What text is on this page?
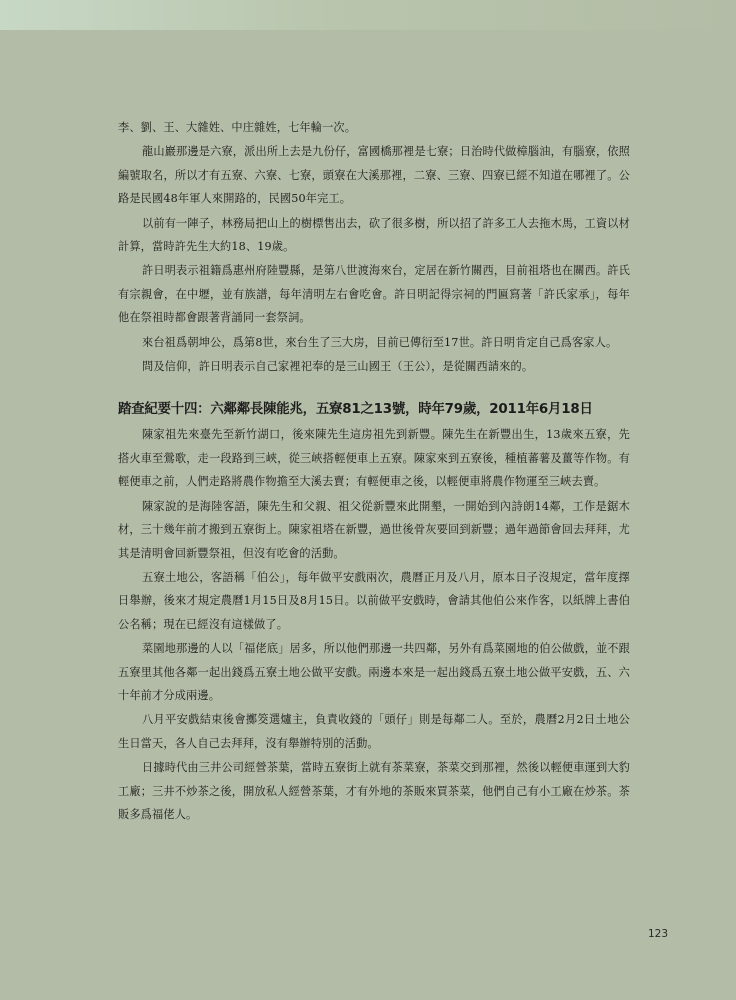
李、劉、王、大雜姓、中庄雜姓，七年輪一次。

龍山巖那邊是六寮，派出所上去是九份仔，富國橋那裡是七寮；日治時代做樟腦油，有腦寮，依照編號取名，所以才有五寮、六寮、七寮，頭寮在大溪那裡，二寮、三寮、四寮已經不知道在哪裡了。公路是民國48年軍人來開路的，民國50年完工。

以前有一陣子，林務局把山上的樹標售出去，砍了很多樹，所以招了許多工人去拖木馬，工資以材計算，當時許先生大約18、19歲。

許日明表示祖籍爲惠州府陸豐縣，是第八世渡海來台，定居在新竹關西，目前祖塔也在關西。許氏有宗親會，在中壢，並有族譜，每年清明左右會吃會。許日明記得宗祠的門匾寫著「許氏家承」，每年他在祭祖時都會跟著背誦同一套祭詞。

來台祖爲朝坤公，爲第8世，來台生了三大房，目前已傳衍至17世。許日明肯定自己爲客家人。

問及信仰，許日明表示自己家裡祀奉的是三山國王（王公），是從關西請來的。

踏查紀要十四：六鄰鄰長陳能兆，五寮81之13號，時年79歲，2011年6月18日

陳家祖先來臺先至新竹湖口，後來陳先生這房祖先到新豐。陳先生在新豐出生，13歲來五寮，先搭火車至鶯歌，走一段路到三峽，從三峽搭輕便車上五寮。陳家來到五寮後，種植蕃薯及薑等作物。有輕便車之前，人們走路將農作物擔至大溪去賣；有輕便車之後，以輕便車將農作物運至三峽去賣。

陳家說的是海陸客語，陳先生和父親、祖父從新豐來此開墾，一開始到內詩朗14鄰，工作是鋸木材，三十幾年前才搬到五寮街上。陳家祖塔在新豐，過世後骨灰要回到新豐；過年過節會回去拜拜，尤其是清明會回新豐祭祖，但沒有吃會的活動。

五寮土地公，客語稱「伯公」，每年做平安戲兩次，農曆正月及八月，原本日子沒規定，當年度擇日舉辦，後來才規定農曆1月15日及8月15日。以前做平安戲時，會請其他伯公來作客，以紙牌上書伯公名稱；現在已經沒有這樣做了。

菜園地那邊的人以「福佬底」居多，所以他們那邊一共四鄰，另外有爲菜園地的伯公做戲，並不跟五寮里其他各鄰一起出錢爲五寮土地公做平安戲。兩邊本來是一起出錢爲五寮土地公做平安戲，五、六十年前才分成兩邊。

八月平安戲結束後會擲筊選爐主，負責收錢的「頭仔」則是每鄰二人。至於，農曆2月2日土地公生日當天，各人自己去拜拜，沒有舉辦特別的活動。

日據時代由三井公司經營茶葉，當時五寮街上就有茶菜寮，茶菜交到那裡，然後以輕便車運到大豹工廠；三井不炒茶之後，開放私人經營茶葉，才有外地的茶販來買茶菜，他們自己有小工廠在炒茶。茶販多爲福佬人。

123
